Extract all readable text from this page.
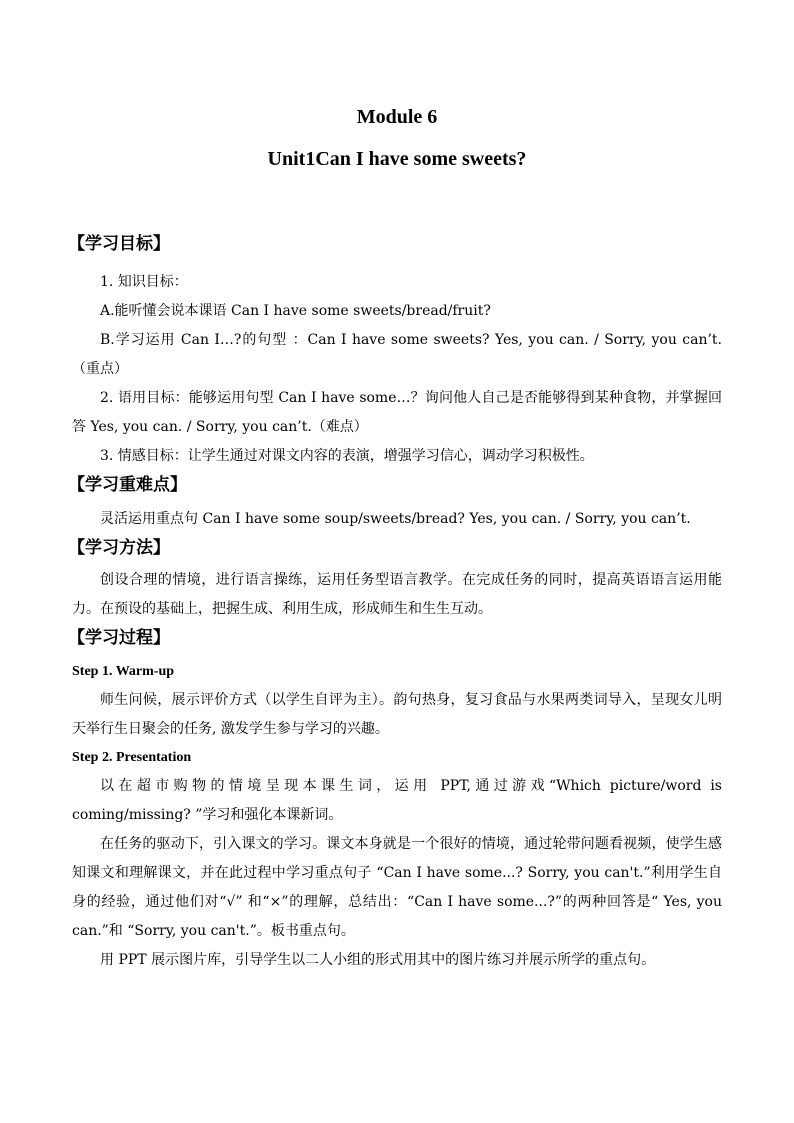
Module 6
Unit1Can I have some sweets?
【学习目标】
1. 知识目标：
A.能听懂会说本课语 Can I have some sweets/bread/fruit?
B.学习运用 Can I…?的句型 ：Can I have some sweets? Yes, you can. / Sorry, you can’t.（重点）
2. 语用目标：能够运用句型 Can I have some…？询问他人自己是否能够得到某种食物，并掌握回答 Yes, you can. / Sorry, you can’t.（难点）
3. 情感目标：让学生通过对课文内容的表演，增强学习信心，调动学习积极性。
【学习重难点】
灵活运用重点句 Can I have some soup/sweets/bread? Yes, you can. / Sorry, you can’t.
【学习方法】
创设合理的情境，进行语言操练，运用任务型语言教学。在完成任务的同时，提高英语语言运用能力。在预设的基础上，把握生成、利用生成，形成师生和生生互动。
【学习过程】
Step 1. Warm-up
师生问候，展示评价方式（以学生自评为主）。韵句热身，复习食品与水果两类词导入，呈现女儿明天举行生日聚会的任务, 激发学生参与学习的兴趣。
Step 2. Presentation
以在超市购物的情境呈现本课生词，运用 PPT,通过游戏“Which picture/word is coming/missing? ”学习和强化本课新词。
在任务的驱动下，引入课文的学习。课文本身就是一个很好的情境，通过轮带问题看视频，使学生感知课文和理解课文，并在此过程中学习重点句子 “Can I have some...? Sorry, you can't.”利用学生自身的经验，通过他们对“√” 和“×”的理解，总结出：“Can I have some...?”的两种回答是“ Yes, you can.”和 “Sorry, you can't.”。板书重点句。
用 PPT 展示图片库，引导学生以二人小组的形式用其中的图片练习并展示所学的重点句。
